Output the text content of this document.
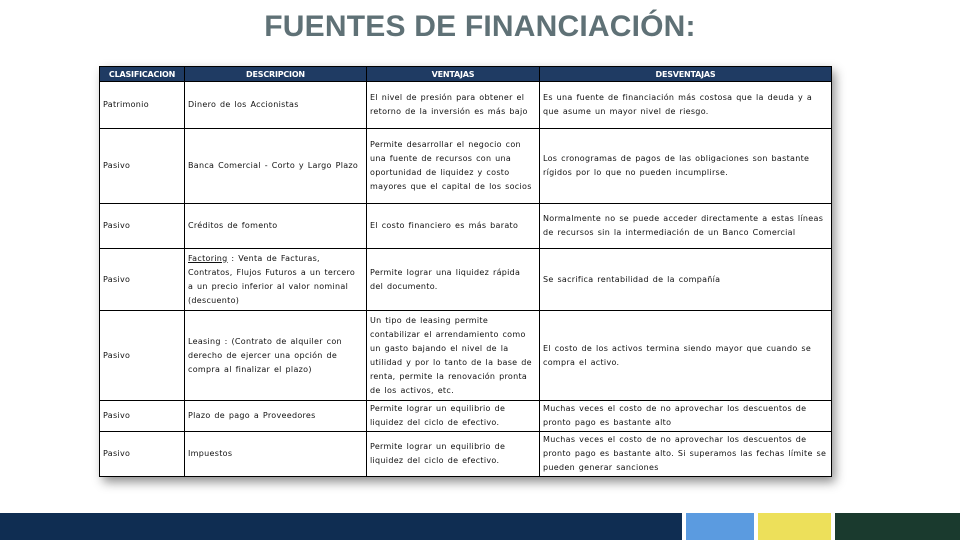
FUENTES DE FINANCIACIÓN:
CLASIFICACION	DESCRIPCION	VENTAJAS	DESVENTAJAS
Patrimonio	Dinero de los Accionistas	El nivel de presión para obtener el retorno de la inversión es más bajo	Es una fuente de financiación más costosa que la deuda y a que asume un mayor nivel de riesgo.
Pasivo	Banca Comercial - Corto y Largo Plazo	Permite desarrollar el negocio con una fuente de recursos con una oportunidad de liquidez y costo mayores que el capital de los socios	Los cronogramas de pagos de las obligaciones son bastante rígidos por lo que no pueden incumplirse.
Pasivo	Créditos de fomento	El costo financiero es más barato	Normalmente no se puede acceder directamente a estas líneas de recursos sin la intermediación de un Banco Comercial
Pasivo	Factoring : Venta de Facturas, Contratos, Flujos Futuros a un tercero a un precio inferior al valor nominal (descuento)	Permite lograr una liquidez rápida del documento.	Se sacrifica rentabilidad de la compañía
Pasivo	Leasing : (Contrato de alquiler con derecho de ejercer una opción de compra al finalizar el plazo)	Un tipo de leasing permite contabilizar el arrendamiento como un gasto bajando el nivel de la utilidad y por lo tanto de la base de renta, permite la renovación pronta de los activos, etc.	El costo de los activos termina siendo mayor que cuando se compra el activo.
Pasivo	Plazo de pago a Proveedores	Permite lograr un equilibrio de liquidez del ciclo de efectivo.	Muchas veces el costo de no aprovechar los descuentos de pronto pago es bastante alto
Pasivo	Impuestos	Permite lograr un equilibrio de liquidez del ciclo de efectivo.	Muchas veces el costo de no aprovechar los descuentos de pronto pago es bastante alto. Si superamos las fechas límite se pueden generar sanciones
